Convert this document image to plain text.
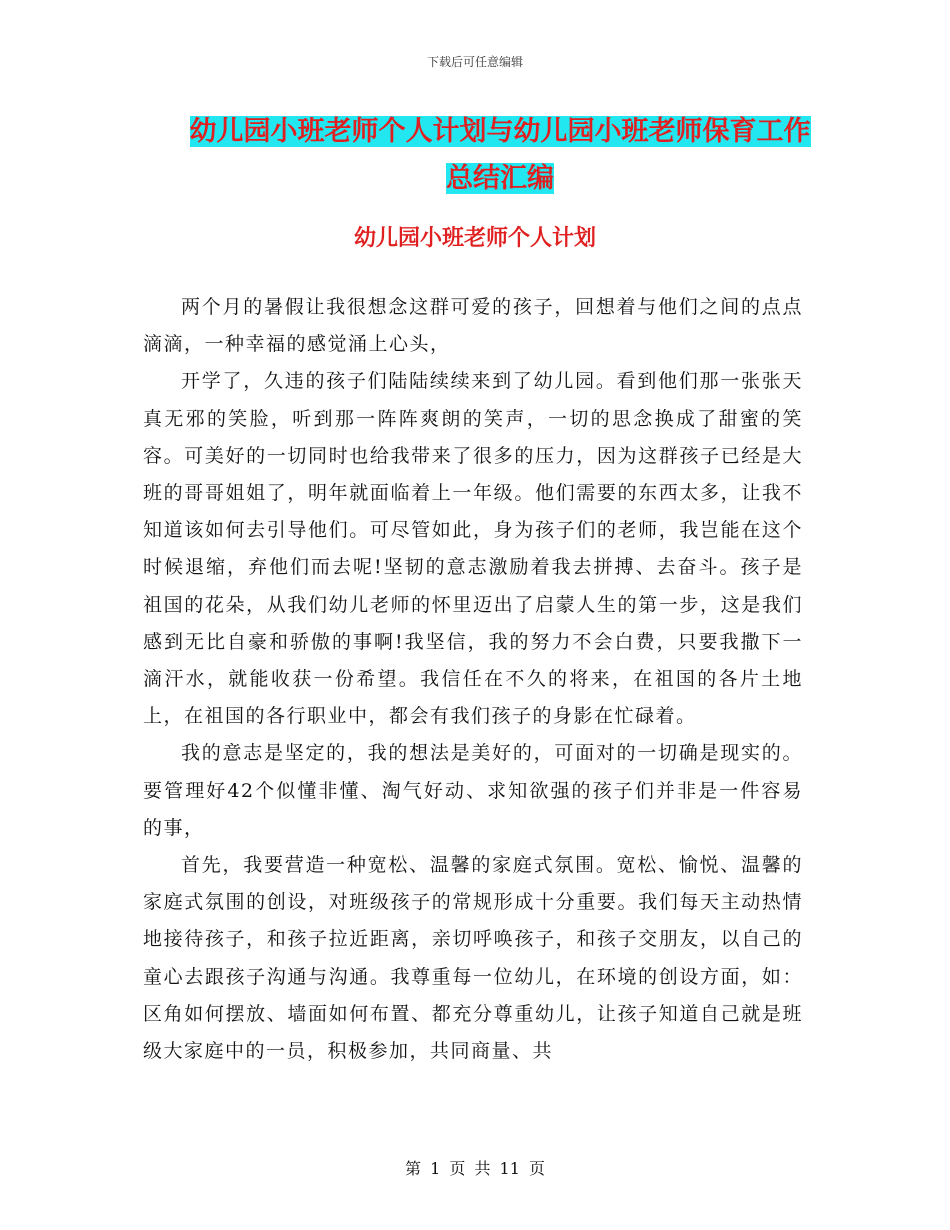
下载后可任意编辑
幼儿园小班老师个人计划与幼儿园小班老师保育工作
总结汇编
幼儿园小班老师个人计划

两个月的暑假让我很想念这群可爱的孩子，回想着与他们之间的点点滴滴，一种幸福的感觉涌上心头，

开学了，久违的孩子们陆陆续续来到了幼儿园。看到他们那一张张天真无邪的笑脸，听到那一阵阵爽朗的笑声，一切的思念换成了甜蜜的笑容。可美好的一切同时也给我带来了很多的压力，因为这群孩子已经是大班的哥哥姐姐了，明年就面临着上一年级。他们需要的东西太多，让我不知道该如何去引导他们。可尽管如此，身为孩子们的老师，我岂能在这个时候退缩，弃他们而去呢!坚韧的意志激励着我去拼搏、去奋斗。孩子是祖国的花朵，从我们幼儿老师的怀里迈出了启蒙人生的第一步，这是我们感到无比自豪和骄傲的事啊!我坚信，我的努力不会白费，只要我撒下一滴汗水，就能收获一份希望。我信任在不久的将来，在祖国的各片土地上，在祖国的各行职业中，都会有我们孩子的身影在忙碌着。

我的意志是坚定的，我的想法是美好的，可面对的一切确是现实的。要管理好42个似懂非懂、淘气好动、求知欲强的孩子们并非是一件容易的事，

首先，我要营造一种宽松、温馨的家庭式氛围。宽松、愉悦、温馨的家庭式氛围的创设，对班级孩子的常规形成十分重要。我们每天主动热情地接待孩子，和孩子拉近距离，亲切呼唤孩子，和孩子交朋友，以自己的童心去跟孩子沟通与沟通。我尊重每一位幼儿，在环境的创设方面，如：区角如何摆放、墙面如何布置、都充分尊重幼儿，让孩子知道自己就是班级大家庭中的一员，积极参加，共同商量、共

第 1 页 共 11 页
